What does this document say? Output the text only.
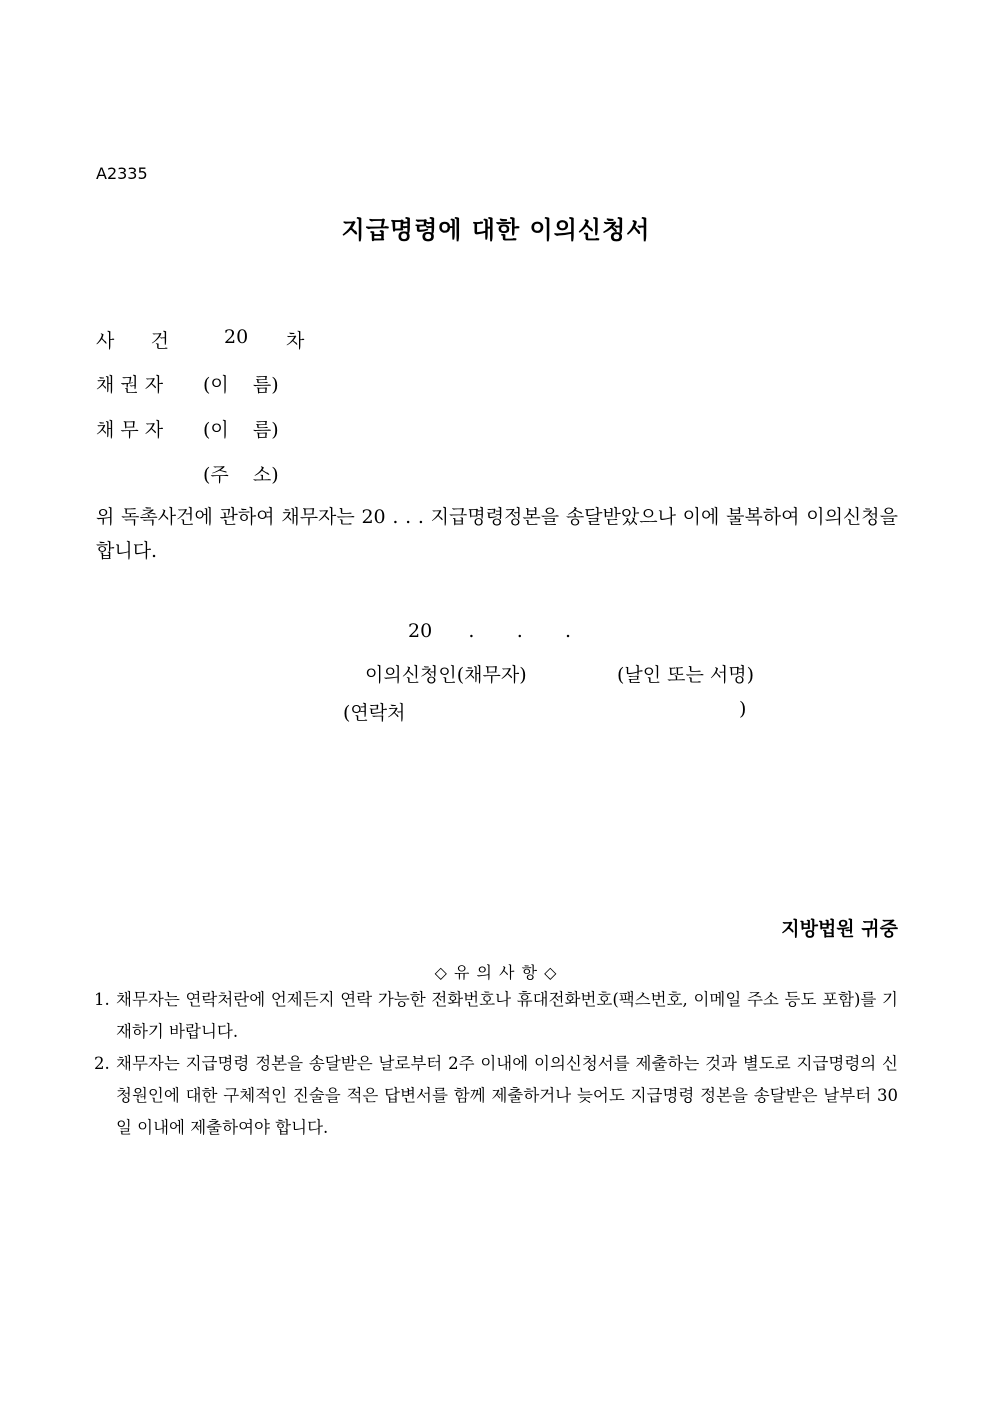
A2335
지급명령에 대한 이의신청서
사      건	20 차
채 권 자 (이    름)
채 무 자 (이    름)
(주    소)
위 독촉사건에 관하여 채무자는 20 . . . 지급명령정본을 송달받았으나 이에 불복하여 이의신청을 합니다.
20      .       .       .
이의신청인(채무자)	(날인 또는 서명)
(연락처	)
지방법원 귀중
◇ 유 의 사 항 ◇
1. 채무자는 연락처란에 언제든지 연락 가능한 전화번호나 휴대전화번호(팩스번호, 이메일 주소 등도 포함)를 기재하기 바랍니다.
2. 채무자는 지급명령 정본을 송달받은 날로부터 2주 이내에 이의신청서를 제출하는 것과 별도로 지급명령의 신청원인에 대한 구체적인 진술을 적은 답변서를 함께 제출하거나 늦어도 지급명령 정본을 송달받은 날부터 30일 이내에 제출하여야 합니다.
